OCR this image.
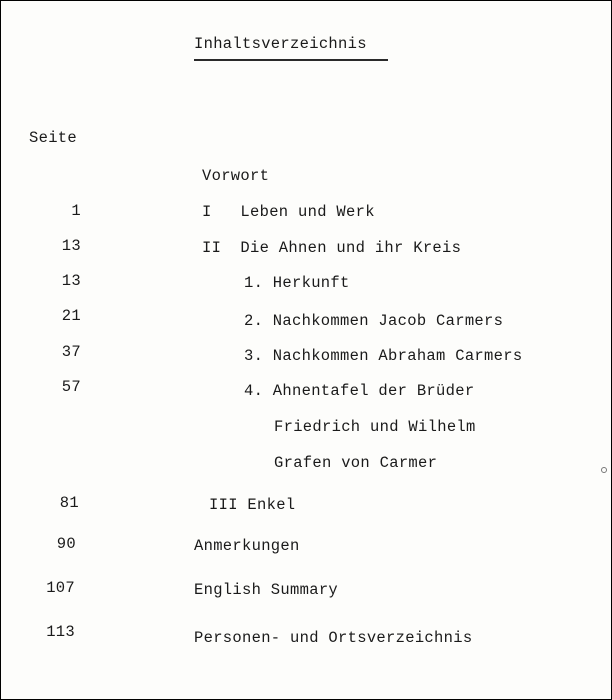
Inhaltsverzeichnis
Seite
Vorwort
1	I   Leben und Werk
13	II  Die Ahnen und ihr Kreis
13	1. Herkunft
21	2. Nachkommen Jacob Carmers
37	3. Nachkommen Abraham Carmers
57	4. Ahnentafel der Brüder
Friedrich und Wilhelm
Grafen von Carmer
81	III Enkel
90	Anmerkungen
107	English Summary
113	Personen- und Ortsverzeichnis
